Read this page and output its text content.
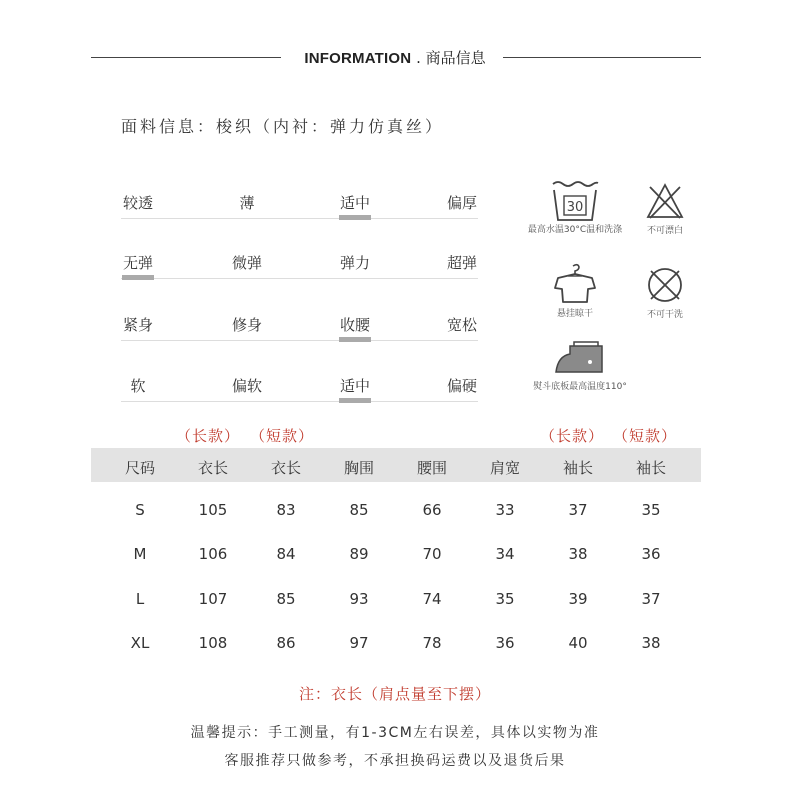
INFORMATION . 商品信息
面料信息：梭织（内衬：弹力仿真丝）
较透	薄	适中	偏厚
无弹	微弹	弹力	超弹
紧身	修身	收腰	宽松
软	偏软	适中	偏硬
30
最高水温30°C温和洗涤	不可漂白
悬挂晾干	不可干洗
熨斗底板最高温度110°
（长款） （短款）	（长款） （短款）
尺码	衣长	衣长	胸围	腰围	肩宽	袖长	袖长
S	105	83	85	66	33	37	35
M	106	84	89	70	34	38	36
L	107	85	93	74	35	39	37
XL	108	86	97	78	36	40	38
注：衣长（肩点量至下摆）
温馨提示：手工测量，有1-3CM左右误差，具体以实物为准
客服推荐只做参考，不承担换码运费以及退货后果
